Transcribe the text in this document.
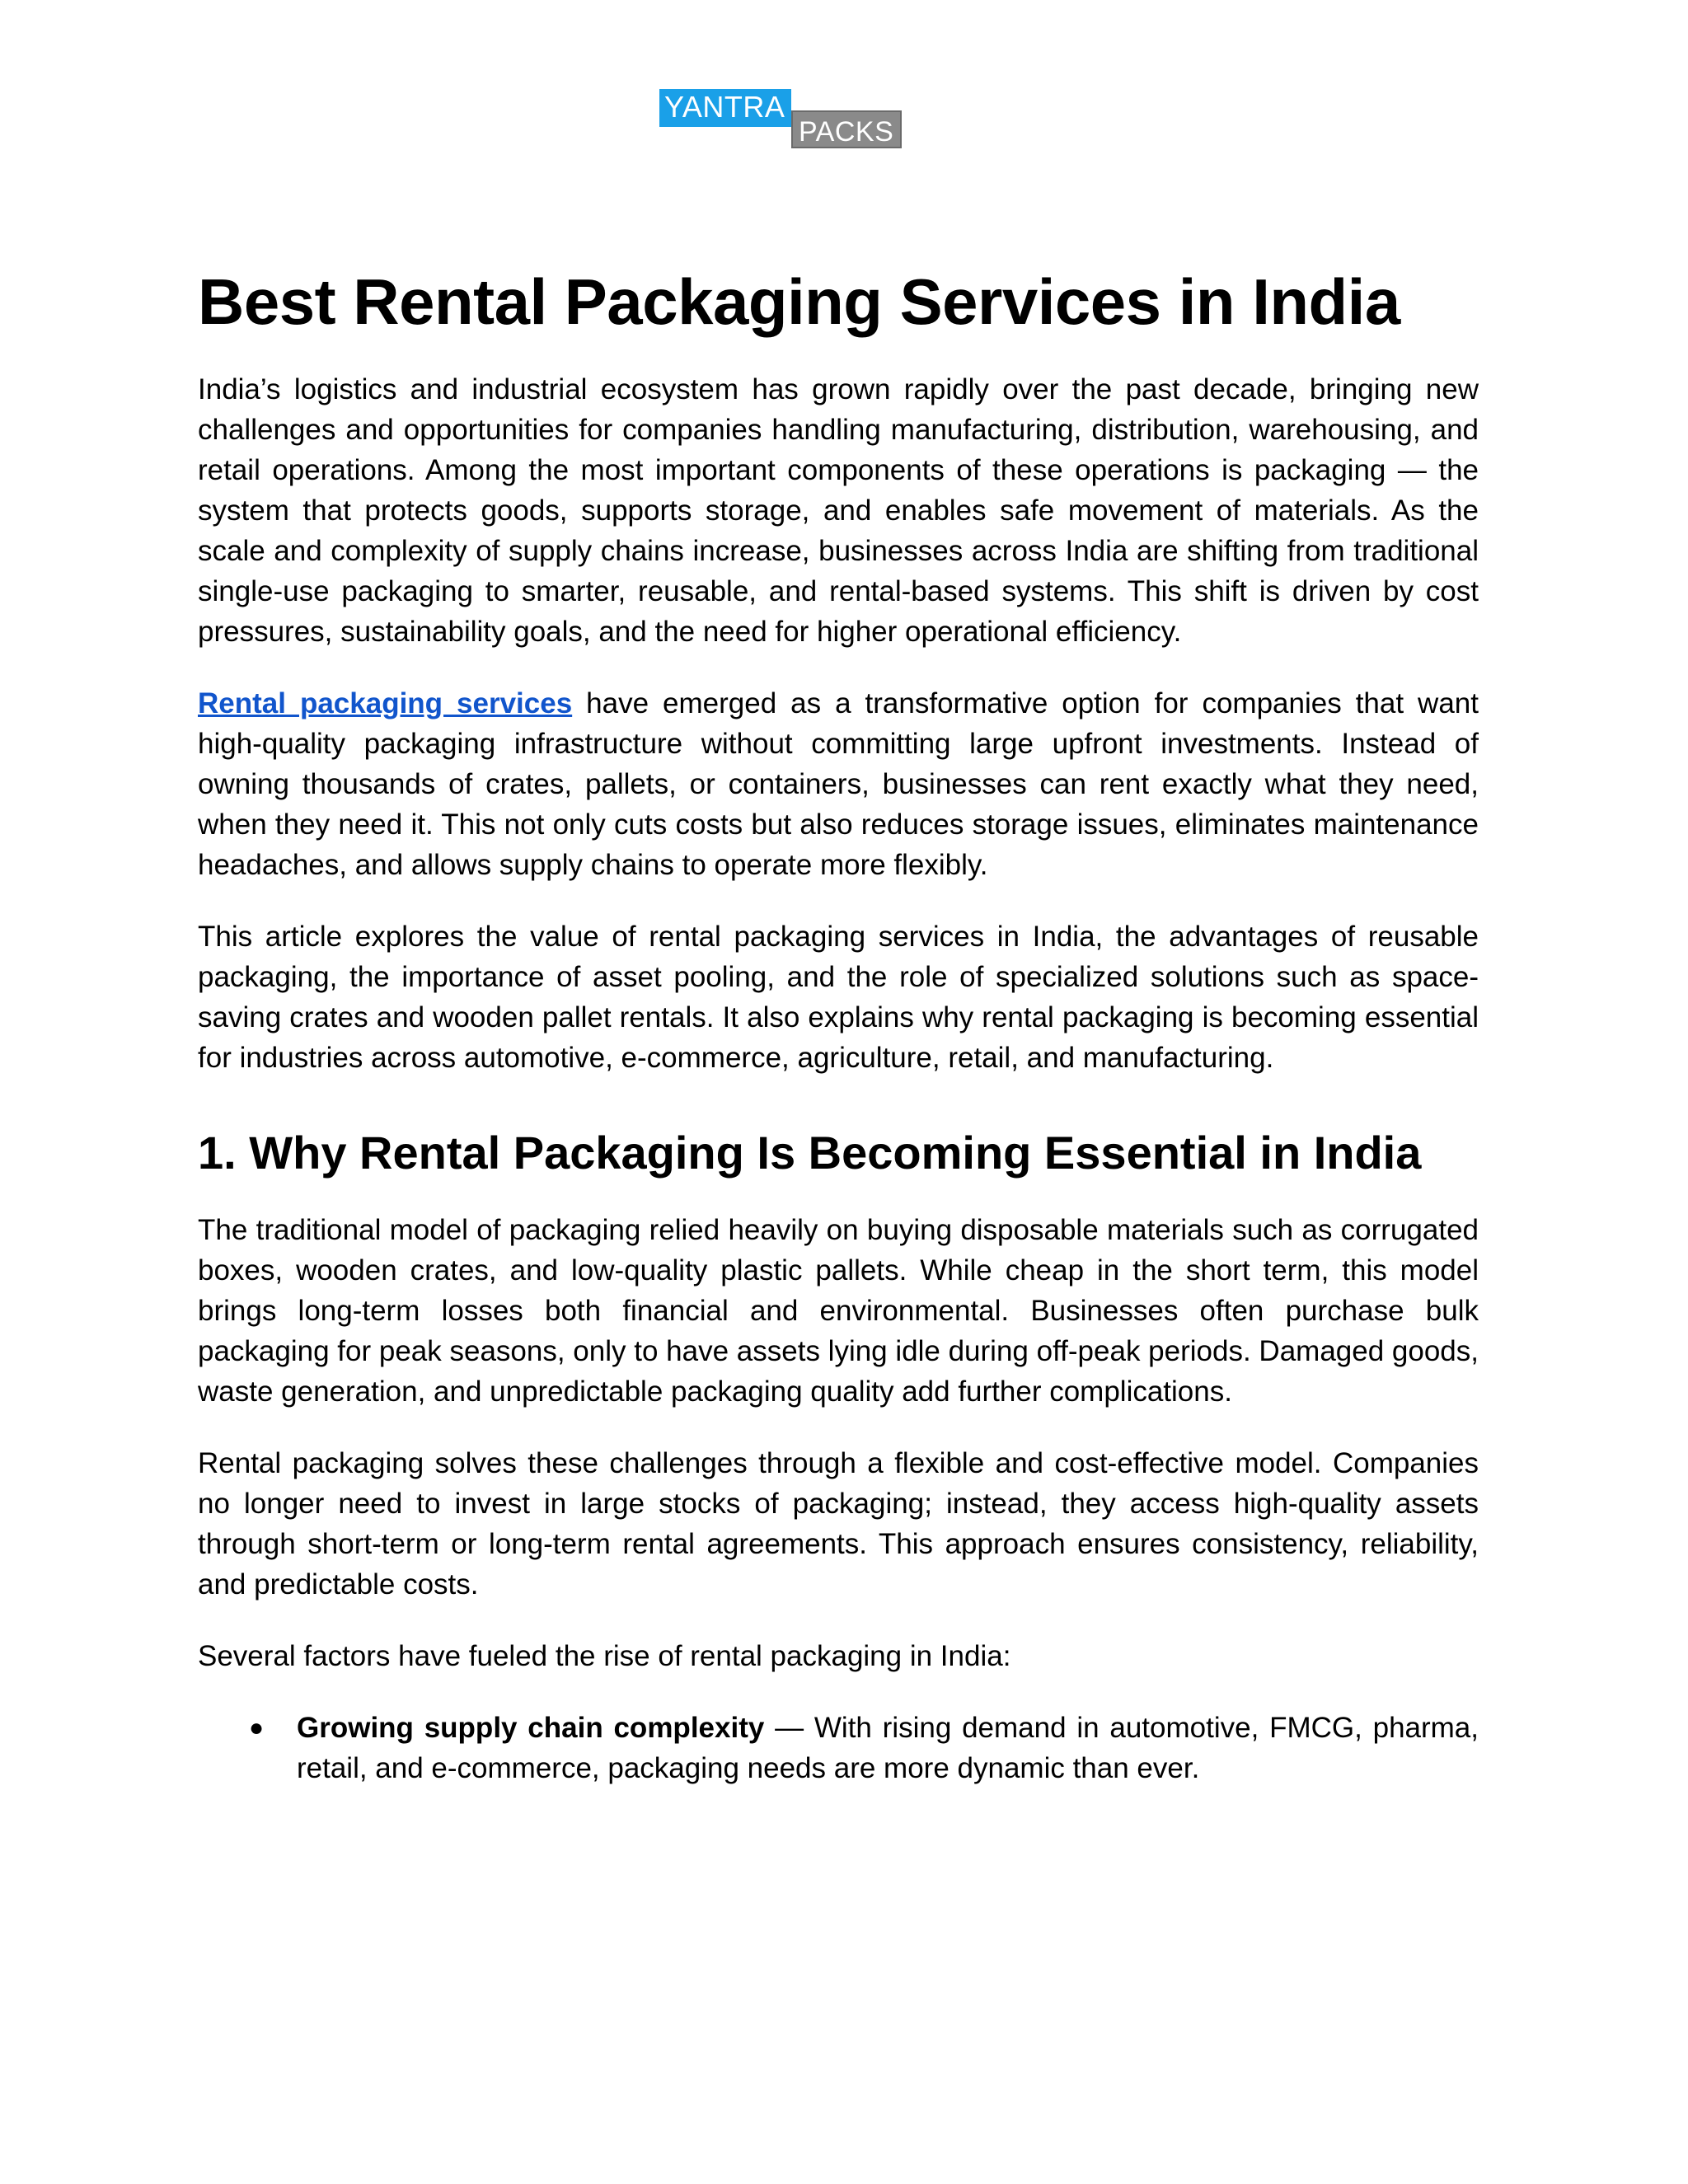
YANTRA
PACKS
Best Rental Packaging Services in India

India’s logistics and industrial ecosystem has grown rapidly over the past decade, bringing new challenges and opportunities for companies handling manufacturing, distribution, warehousing, and retail operations. Among the most important components of these operations is packaging — the system that protects goods, supports storage, and enables safe movement of materials. As the scale and complexity of supply chains increase, businesses across India are shifting from traditional single-use packaging to smarter, reusable, and rental-based systems. This shift is driven by cost pressures, sustainability goals, and the need for higher operational efficiency.

Rental packaging services have emerged as a transformative option for companies that want high-quality packaging infrastructure without committing large upfront investments. Instead of owning thousands of crates, pallets, or containers, businesses can rent exactly what they need, when they need it. This not only cuts costs but also reduces storage issues, eliminates maintenance headaches, and allows supply chains to operate more flexibly.

This article explores the value of rental packaging services in India, the advantages of reusable packaging, the importance of asset pooling, and the role of specialized solutions such as space-saving crates and wooden pallet rentals. It also explains why rental packaging is becoming essential for industries across automotive, e-commerce, agriculture, retail, and manufacturing.

1. Why Rental Packaging Is Becoming Essential in India

The traditional model of packaging relied heavily on buying disposable materials such as corrugated boxes, wooden crates, and low-quality plastic pallets. While cheap in the short term, this model brings long-term losses both financial and environmental. Businesses often purchase bulk packaging for peak seasons, only to have assets lying idle during off-peak periods. Damaged goods, waste generation, and unpredictable packaging quality add further complications.

Rental packaging solves these challenges through a flexible and cost-effective model. Companies no longer need to invest in large stocks of packaging; instead, they access high-quality assets through short-term or long-term rental agreements. This approach ensures consistency, reliability, and predictable costs.

Several factors have fueled the rise of rental packaging in India:

● Growing supply chain complexity — With rising demand in automotive, FMCG, pharma, retail, and e-commerce, packaging needs are more dynamic than ever.
